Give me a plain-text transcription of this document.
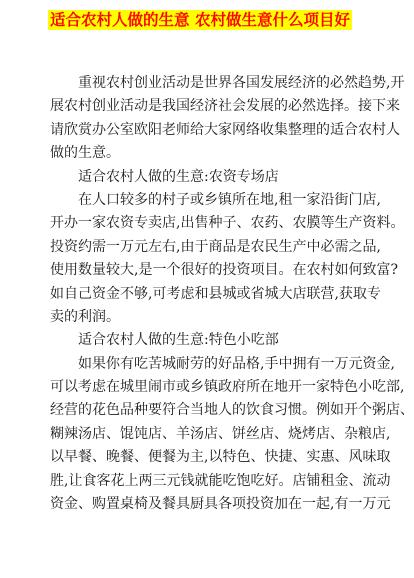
适合农村人做的生意 农村做生意什么项目好
重视农村创业活动是世界各国发展经济的必然趋势,开
展农村创业活动是我国经济社会发展的必然选择。接下来
请欣赏办公室欧阳老师给大家网络收集整理的适合农村人
做的生意。
适合农村人做的生意:农资专场店
在人口较多的村子或乡镇所在地,租一家沿街门店,
开办一家农资专卖店,出售种子、农药、农膜等生产资料。
投资约需一万元左右,由于商品是农民生产中必需之品,
使用数量较大,是一个很好的投资项目。在农村如何致富?
如自己资金不够,可考虑和县城或省城大店联营,获取专
卖的利润。
适合农村人做的生意:特色小吃部
如果你有吃苦城耐劳的好品格,手中拥有一万元资金,
可以考虑在城里闹市或乡镇政府所在地开一家特色小吃部,
经营的花色品种要符合当地人的饮食习惯。例如开个粥店、
糊辣汤店、馄饨店、羊汤店、饼丝店、烧烤店、杂粮店,
以早餐、晚餐、便餐为主,以特色、快捷、实惠、风味取
胜,让食客花上两三元钱就能吃饱吃好。店铺租金、流动
资金、购置桌椅及餐具厨具各项投资加在一起,有一万元
